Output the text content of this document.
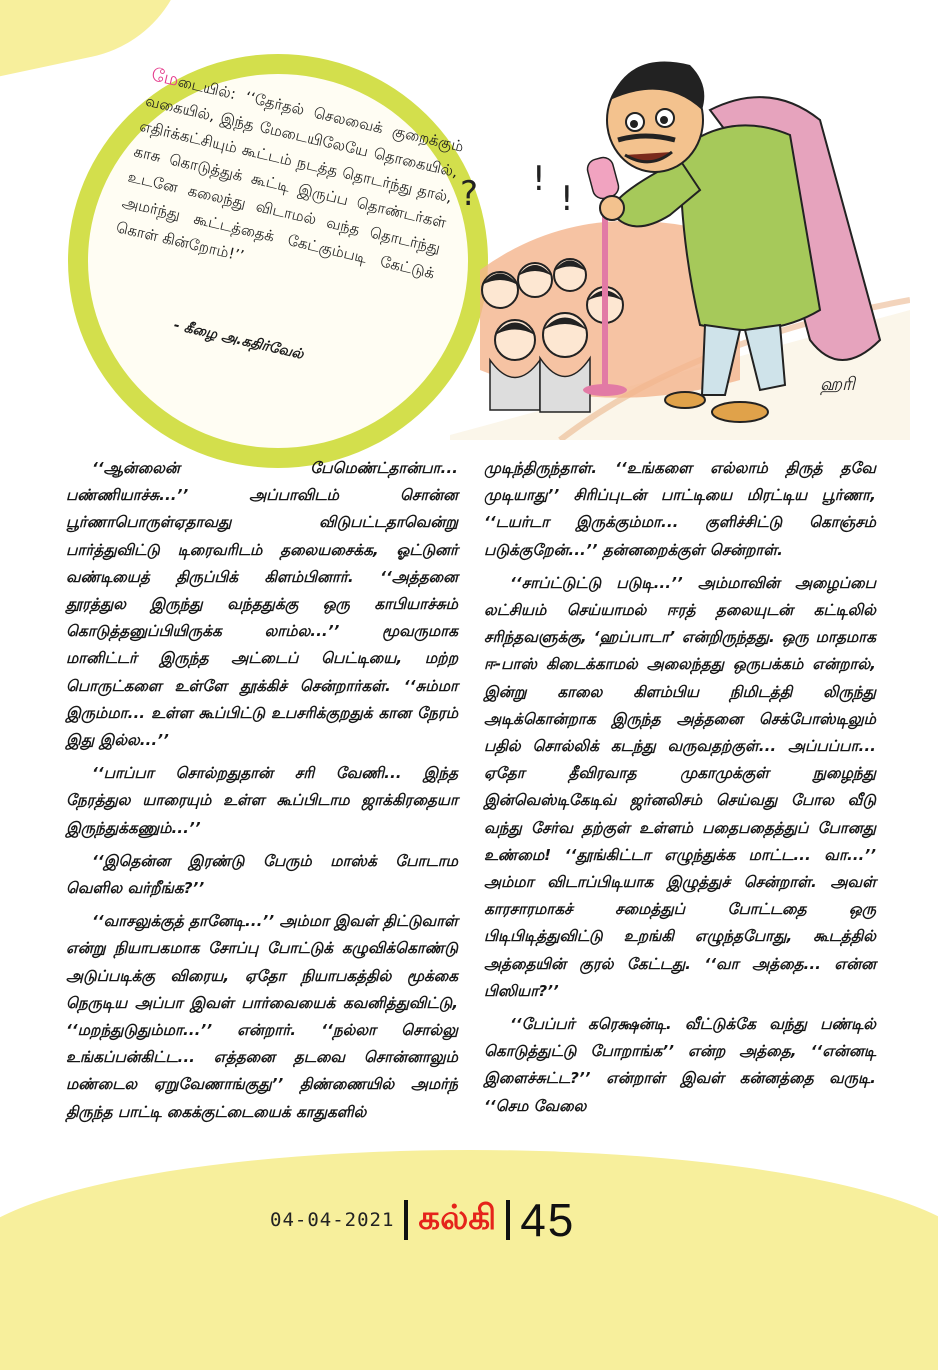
மேடையில்: ‘‘தேர்தல் செலவைக் குறைக்கும் வகையில், இந்த மேடையிலேயே தொகையில், எதிர்க்கட்சியும் கூட்டம் நடத்த தொடர்ந்து தால், காசு கொடுத்துக் கூட்டி இருப்ப தொண்டர்கள் உடனே கலைந்து விடாமல் வந்த தொடர்ந்து அமர்ந்து கூட்டத்தைக் கேட்கும்படி கேட்டுக் கொள் கின்றோம்!’’
- கீழை அ.கதிர்வேல்
? ! !
ஹரி

‘‘ஆன்லைன் பேமெண்ட்தான்பா... பண்ணியாச்சு...’’ அப்பாவிடம் சொன்ன பூர்ணாபொருள்ஏதாவது விடுபட்டதாவென்று பார்த்துவிட்டு டிரைவரிடம் தலையசைக்க, ஓட்டுனர் வண்டியைத் திருப்பிக் கிளம்பினார். ‘‘அத்தனை தூரத்துல இருந்து வந்ததுக்கு ஒரு காபியாச்சும் கொடுத்தனுப்பியிருக்க லாம்ல...’’ மூவருமாக மானிட்டர் இருந்த அட்டைப் பெட்டியை, மற்ற பொருட்களை உள்ளே தூக்கிச் சென்றார்கள். ‘‘சும்மா இரும்மா... உள்ள கூப்பிட்டு உபசரிக்குறதுக் கான நேரம் இது இல்ல...’’

‘‘பாப்பா சொல்றதுதான் சரி வேணி... இந்த நேரத்துல யாரையும் உள்ள கூப்பிடாம ஜாக்கிரதையா இருந்துக்கணும்...’’

‘‘இதென்ன இரண்டு பேரும் மாஸ்க் போடாம வெளில வர்றீங்க?’’

‘‘வாசலுக்குத் தானேடி...’’ அம்மா இவள் திட்டுவாள் என்று நியாபகமாக சோப்பு போட்டுக் கழுவிக்கொண்டு அடுப்படிக்கு விரைய, ஏதோ நியாபகத்தில் மூக்கை நெருடிய அப்பா இவள் பார்வையைக் கவனித்துவிட்டு, ‘‘மறந்துடுதும்மா...’’ என்றார். ‘‘நல்லா சொல்லு உங்கப்பன்கிட்ட... எத்தனை தடவை சொன்னாலும் மண்டைல ஏறுவேணாங்குது’’ திண்ணையில் அமர்ந் திருந்த பாட்டி கைக்குட்டையைக் காதுகளில்

முடிந்திருந்தாள். ‘‘உங்களை எல்லாம் திருத் தவே முடியாது’’ சிரிப்புடன் பாட்டியை மிரட்டிய பூர்ணா, ‘‘டயர்டா இருக்கும்மா... குளிச்சிட்டு கொஞ்சம் படுக்குறேன்...’’ தன்னறைக்குள் சென்றாள்.

‘‘சாப்ட்டுட்டு படுடி...’’ அம்மாவின் அழைப்பை லட்சியம் செய்யாமல் ஈரத் தலையுடன் கட்டிலில் சரிந்தவளுக்கு, ‘ஹப்பாடா’ என்றிருந்தது. ஒரு மாதமாக ஈ-பாஸ் கிடைக்காமல் அலைந்தது ஒருபக்கம் என்றால், இன்று காலை கிளம்பிய நிமிடத்தி லிருந்து அடிக்கொன்றாக இருந்த அத்தனை செக்போஸ்டிலும் பதில் சொல்லிக் கடந்து வருவதற்குள்... அப்பப்பா... ஏதோ தீவிரவாத முகாமுக்குள் நுழைந்து இன்வெஸ்டிகேடிவ் ஜர்னலிசம் செய்வது போல வீடு வந்து சேர்வ தற்குள் உள்ளம் பதைபதைத்துப் போனது உண்மை! ‘‘தூங்கிட்டா எழுந்துக்க மாட்ட... வா...’’ அம்மா விடாப்பிடியாக இழுத்துச் சென்றாள். அவள் காரசாரமாகச் சமைத்துப் போட்டதை ஒரு பிடிபிடித்துவிட்டு உறங்கி எழுந்தபோது, கூடத்தில் அத்தையின் குரல் கேட்டது. ‘‘வா அத்தை... என்ன பிஸியா?’’

‘‘பேப்பர் கரெக்ஷன்டி. வீட்டுக்கே வந்து பண்டில் கொடுத்துட்டு போறாங்க’’ என்ற அத்தை, ‘‘என்னடி இளைச்சுட்ட?’’ என்றாள் இவள் கன்னத்தை வருடி. ‘‘செம வேலை

04-04-2021 கல்கி 45
